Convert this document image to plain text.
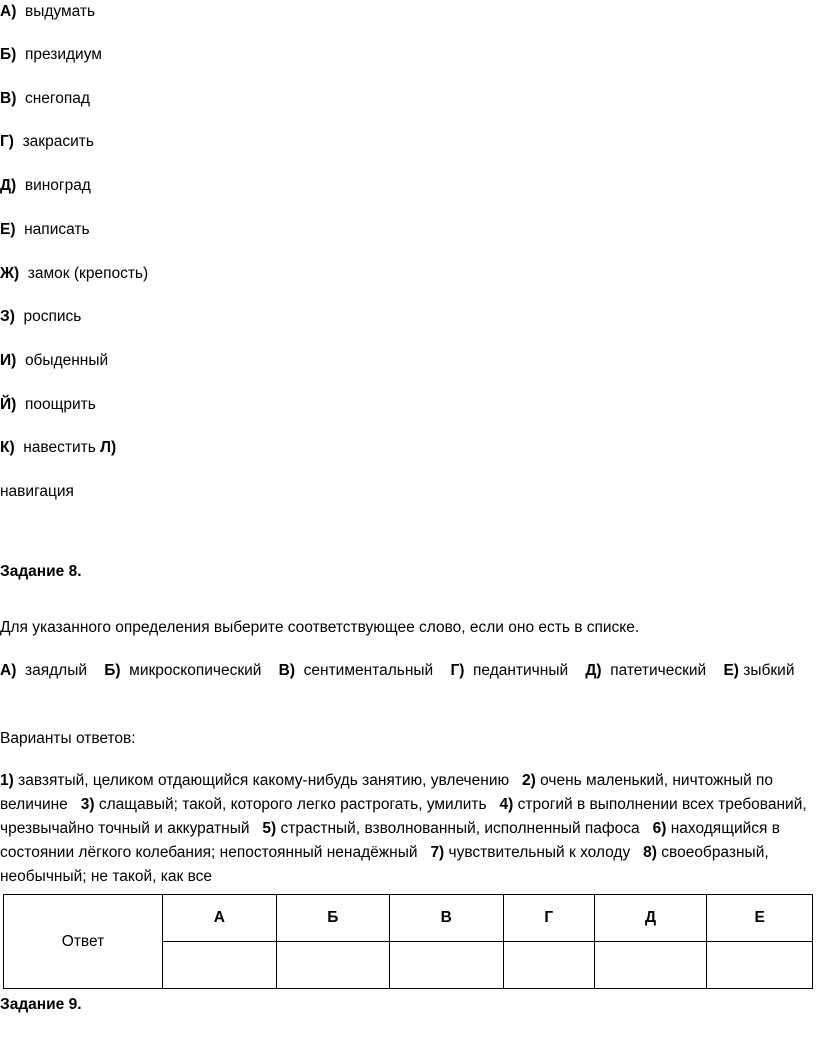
А) выдумать
Б) президиум
В) снегопад
Г) закрасить
Д) виноград
Е) написать
Ж) замок (крепость)
З) роспись
И) обыденный
Й) поощрить
К) навестить Л)
навигация
Задание 8.
Для указанного определения выберите соответствующее слово, если оно есть в списке.
А) заядлый Б) микроскопический В) сентиментальный Г) педантичный Д) патетический Е) зыбкий
Варианты ответов:
1) завзятый, целиком отдающийся какому-нибудь занятию, увлечению 2) очень маленький, ничтожный по величине 3) слащавый; такой, которого легко растрогать, умилить 4) строгий в выполнении всех требований, чрезвычайно точный и аккуратный 5) страстный, взволнованный, исполненный пафоса 6) находящийся в состоянии лёгкого колебания; непостоянный ненадёжный 7) чувствительный к холоду 8) своеобразный, необычный; не такой, как все
Ответ	А	Б	В	Г	Д	Е

Задание 9.
